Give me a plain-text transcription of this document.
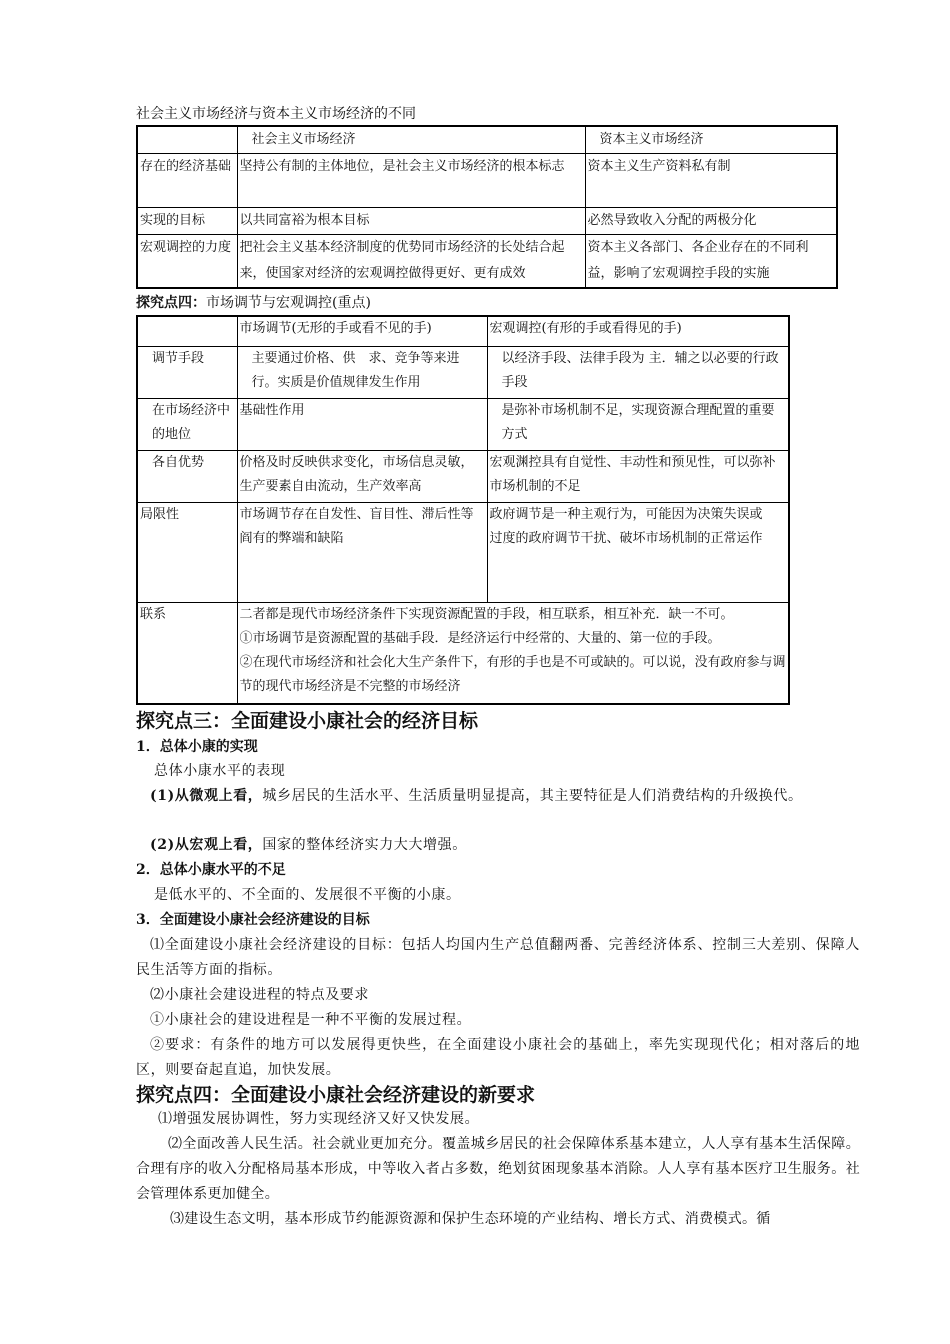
社会主义市场经济与资本主义市场经济的不同
	社会主义市场经济	资本主义市场经济
存在的经济基础	坚持公有制的主体地位，是社会主义市场经济的根本标志	资本主义生产资料私有制
实现的目标	以共同富裕为根本目标	必然导致收入分配的两极分化
宏观调控的力度	把社会主义基本经济制度的优势同市场经济的长处结合起来，使国家对经济的宏观调控做得更好、更有成效	资本主义各部门、各企业存在的不同利益，影响了宏观调控手段的实施
探究点四：市场调节与宏观调控(重点)
	市场调节(无形的手或看不见的手)	宏观调控(有形的手或看得见的手)
调节手段	主要通过价格、供　求、竞争等来进行。实质是价值规律发生作用	以经济手段、法律手段为 主．辅之以必要的行政手段
在市场经济中的地位	基础性作用	是弥补市场机制不足，实现资源合理配置的重要方式
各自优势	价格及时反映供求变化，市场信息灵敏，生产要素自由流动，生产效率高	宏观渊控具有自觉性、丰动性和预见性，可以弥补市场机制的不足
局限性	市场调节存在自发性、盲目性、滞后性等阎有的弊端和缺陷	政府调节是一种主观行为，可能因为决策失误或
过度的政府调节干扰、破坏市场机制的正常运作

联系	二者都是现代市场经济条件下实现资源配置的手段，相互联系，相互补充．缺一不可。
①市场调节是资源配置的基础手段．是经济运行中经常的、大量的、第一位的手段。
②在现代市场经济和社会化大生产条件下，有形的手也是不可或缺的。可以说，没有政府参与调节的现代市场经济是不完整的市场经济	
探究点三：全面建设小康社会的经济目标
1．总体小康的实现
总体小康水平的表现
(1)从微观上看，城乡居民的生活水平、生活质量明显提高，其主要特征是人们消费结构的升级换代。
(2)从宏观上看，国家的整体经济实力大大增强。
2．总体小康水平的不足
是低水平的、不全面的、发展很不平衡的小康。
3．全面建设小康社会经济建设的目标
⑴全面建设小康社会经济建设的目标：包括人均国内生产总值翻两番、完善经济体系、控制三大差别、保障人民生活等方面的指标。
⑵小康社会建设进程的特点及要求
①小康社会的建设进程是一种不平衡的发展过程。
②要求：有条件的地方可以发展得更快些，在全面建设小康社会的基础上，率先实现现代化；相对落后的地区，则要奋起直追，加快发展。
探究点四：全面建设小康社会经济建设的新要求
⑴增强发展协调性，努力实现经济又好又快发展。
⑵全面改善人民生活。社会就业更加充分。覆盖城乡居民的社会保障体系基本建立，人人享有基本生活保障。合理有序的收入分配格局基本形成，中等收入者占多数，绝划贫困现象基本消除。人人享有基本医疗卫生服务。社会管理体系更加健全。
⑶建设生态文明，基本形成节约能源资源和保护生态环境的产业结构、增长方式、消费模式。循
